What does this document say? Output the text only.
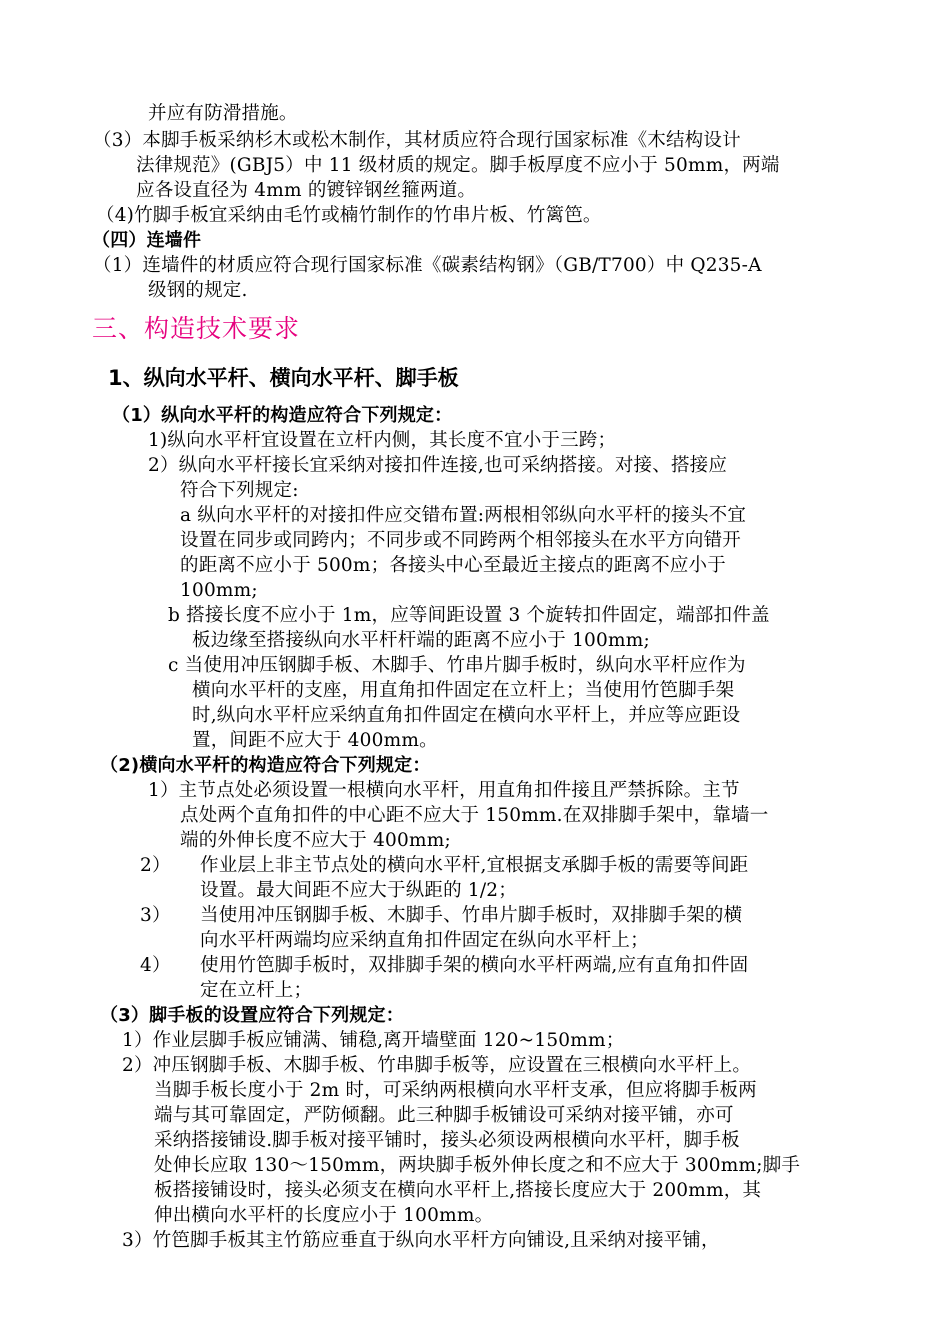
并应有防滑措施。
（3）本脚手板采纳杉木或松木制作，其材质应符合现行国家标准《木结构设计
法律规范》(GBJ5）中 11 级材质的规定。脚手板厚度不应小于 50mm，两端
应各设直径为 4mm 的镀锌钢丝箍两道。
（4)竹脚手板宜采纳由毛竹或楠竹制作的竹串片板、竹篱笆。
（四）连墙件
（1）连墙件的材质应符合现行国家标准《碳素结构钢》（GB/T700）中 Q235-A
级钢的规定.
三、构造技术要求
1、纵向水平杆、横向水平杆、脚手板
（1）纵向水平杆的构造应符合下列规定：
1)纵向水平杆宜设置在立杆内侧，其长度不宜小于三跨；
2）纵向水平杆接长宜采纳对接扣件连接,也可采纳搭接。对接、搭接应
符合下列规定:
a 纵向水平杆的对接扣件应交错布置:两根相邻纵向水平杆的接头不宜
设置在同步或同跨内；不同步或不同跨两个相邻接头在水平方向错开
的距离不应小于 500m；各接头中心至最近主接点的距离不应小于
100mm;
b 搭接长度不应小于 1m，应等间距设置 3 个旋转扣件固定，端部扣件盖
板边缘至搭接纵向水平杆杆端的距离不应小于 100mm;
c 当使用冲压钢脚手板、木脚手、竹串片脚手板时，纵向水平杆应作为
横向水平杆的支座，用直角扣件固定在立杆上；当使用竹笆脚手架
时,纵向水平杆应采纳直角扣件固定在横向水平杆上，并应等应距设
置，间距不应大于 400mm。
（2)横向水平杆的构造应符合下列规定：
1）主节点处必须设置一根横向水平杆，用直角扣件接且严禁拆除。主节
点处两个直角扣件的中心距不应大于 150mm.在双排脚手架中，靠墙一
端的外伸长度不应大于 400mm;
2） 作业层上非主节点处的横向水平杆,宜根据支承脚手板的需要等间距
设置。最大间距不应大于纵距的 1/2；
3） 当使用冲压钢脚手板、木脚手、竹串片脚手板时，双排脚手架的横
向水平杆两端均应采纳直角扣件固定在纵向水平杆上；
4） 使用竹笆脚手板时，双排脚手架的横向水平杆两端,应有直角扣件固
定在立杆上；
（3）脚手板的设置应符合下列规定：
1）作业层脚手板应铺满、铺稳,离开墙壁面 120~150mm；
2）冲压钢脚手板、木脚手板、竹串脚手板等，应设置在三根横向水平杆上。
当脚手板长度小于 2m 时，可采纳两根横向水平杆支承，但应将脚手板两
端与其可靠固定，严防倾翻。此三种脚手板铺设可采纳对接平铺，亦可
采纳搭接铺设.脚手板对接平铺时，接头必须设两根横向水平杆，脚手板
处伸长应取 130～150mm，两块脚手板外伸长度之和不应大于 300mm;脚手
板搭接铺设时，接头必须支在横向水平杆上,搭接长度应大于 200mm，其
伸出横向水平杆的长度应小于 100mm。
3）竹笆脚手板其主竹筋应垂直于纵向水平杆方向铺设,且采纳对接平铺，
